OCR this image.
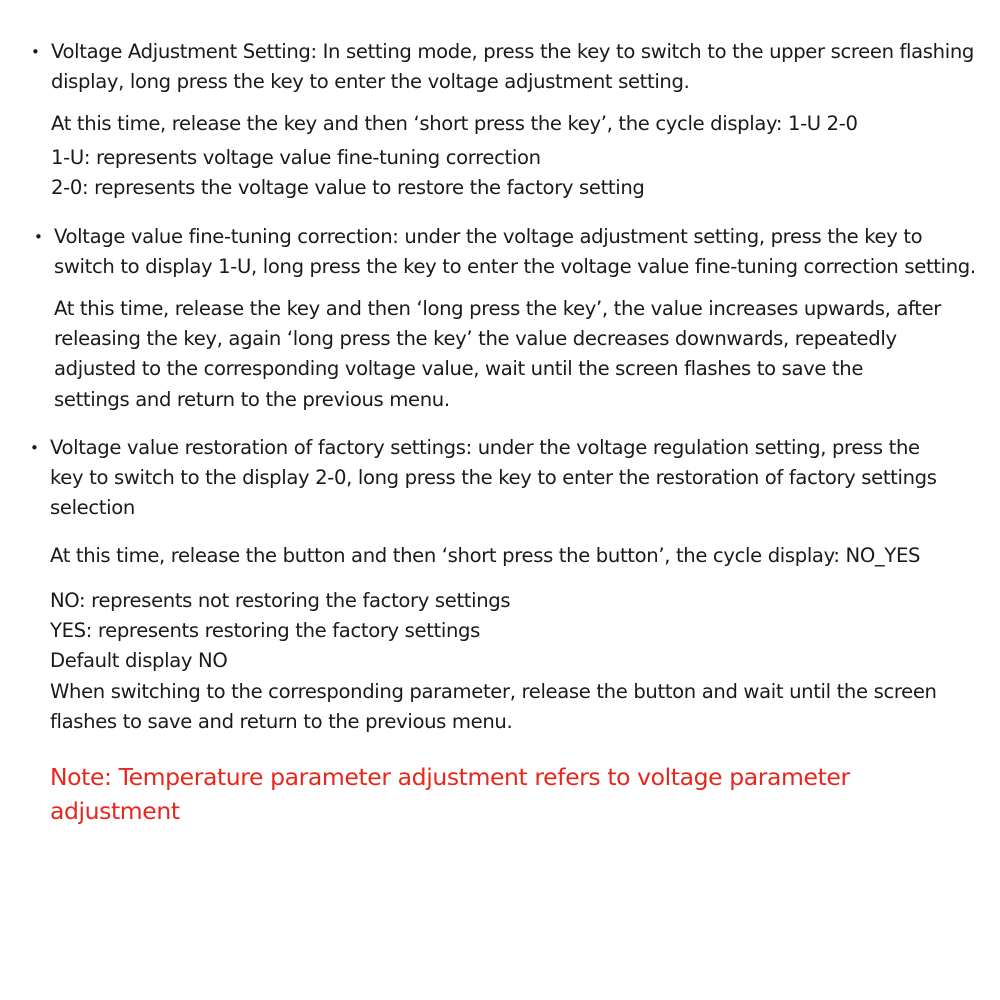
• Voltage Adjustment Setting: In setting mode, press the key to switch to the upper screen flashing
display, long press the key to enter the voltage adjustment setting.
At this time, release the key and then ‘short press the key’, the cycle display: 1-U 2-0
1-U: represents voltage value fine-tuning correction
2-0: represents the voltage value to restore the factory setting
• Voltage value fine-tuning correction: under the voltage adjustment setting, press the key to
switch to display 1-U, long press the key to enter the voltage value fine-tuning correction setting.
At this time, release the key and then ‘long press the key’, the value increases upwards, after
releasing the key, again ‘long press the key’ the value decreases downwards, repeatedly
adjusted to the corresponding voltage value, wait until the screen flashes to save the
settings and return to the previous menu.
• Voltage value restoration of factory settings: under the voltage regulation setting, press the
key to switch to the display 2-0, long press the key to enter the restoration of factory settings
selection
At this time, release the button and then ‘short press the button’, the cycle display: NO_YES
NO: represents not restoring the factory settings
YES: represents restoring the factory settings
Default display NO
When switching to the corresponding parameter, release the button and wait until the screen
flashes to save and return to the previous menu.
Note: Temperature parameter adjustment refers to voltage parameter
adjustment
